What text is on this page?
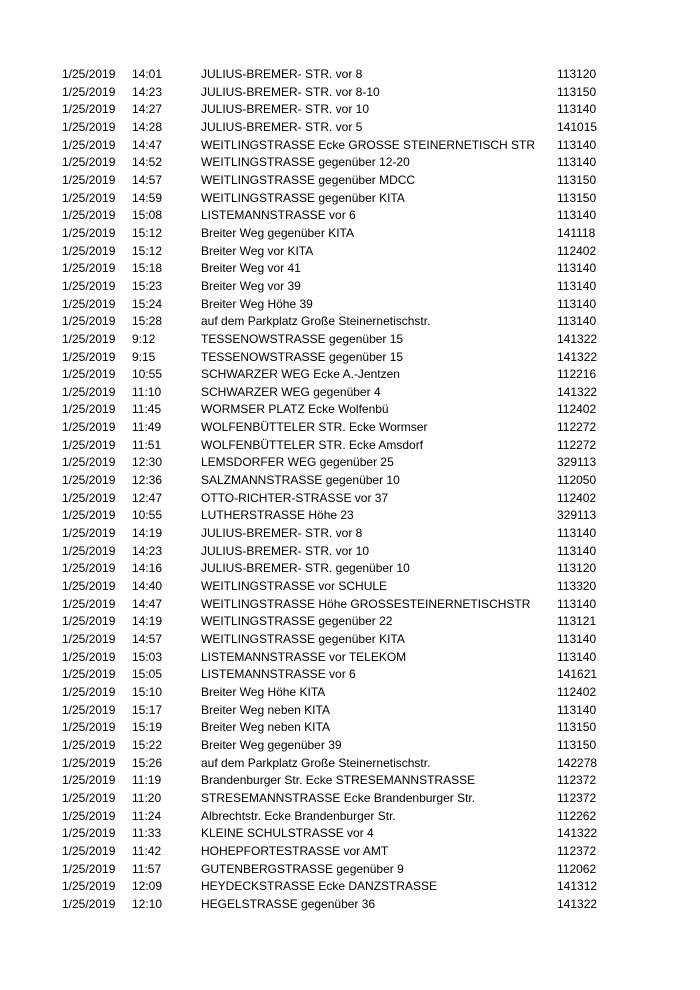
1/25/2019	14:01	JULIUS-BREMER- STR. vor 8	113120
1/25/2019	14:23	JULIUS-BREMER- STR. vor 8-10	113150
1/25/2019	14:27	JULIUS-BREMER- STR. vor 10	113140
1/25/2019	14:28	JULIUS-BREMER- STR. vor 5	141015
1/25/2019	14:47	WEITLINGSTRASSE Ecke GROSSE STEINERNETISCH STR	113140
1/25/2019	14:52	WEITLINGSTRASSE gegenüber 12-20	113140
1/25/2019	14:57	WEITLINGSTRASSE gegenüber MDCC	113150
1/25/2019	14:59	WEITLINGSTRASSE gegenüber KITA	113150
1/25/2019	15:08	LISTEMANNSTRASSE vor 6	113140
1/25/2019	15:12	Breiter Weg gegenüber KITA	141118
1/25/2019	15:12	Breiter Weg vor KITA	112402
1/25/2019	15:18	Breiter Weg vor 41	113140
1/25/2019	15:23	Breiter Weg vor 39	113140
1/25/2019	15:24	Breiter Weg Höhe 39	113140
1/25/2019	15:28	auf dem Parkplatz Große Steinernetischstr.	113140
1/25/2019	9:12	TESSENOWSTRASSE gegenüber 15	141322
1/25/2019	9:15	TESSENOWSTRASSE gegenüber 15	141322
1/25/2019	10:55	SCHWARZER WEG Ecke A.-Jentzen	112216
1/25/2019	11:10	SCHWARZER WEG gegenüber 4	141322
1/25/2019	11:45	WORMSER PLATZ Ecke Wolfenbü	112402
1/25/2019	11:49	WOLFENBÜTTELER STR. Ecke Wormser	112272
1/25/2019	11:51	WOLFENBÜTTELER STR. Ecke Amsdorf	112272
1/25/2019	12:30	LEMSDORFER WEG gegenüber 25	329113
1/25/2019	12:36	SALZMANNSTRASSE gegenüber 10	112050
1/25/2019	12:47	OTTO-RICHTER-STRASSE vor 37	112402
1/25/2019	10:55	LUTHERSTRASSE Höhe 23	329113
1/25/2019	14:19	JULIUS-BREMER- STR. vor 8	113140
1/25/2019	14:23	JULIUS-BREMER- STR. vor 10	113140
1/25/2019	14:16	JULIUS-BREMER- STR. gegenüber 10	113120
1/25/2019	14:40	WEITLINGSTRASSE vor SCHULE	113320
1/25/2019	14:47	WEITLINGSTRASSE Höhe GROSSESTEINERNETISCHSTR	113140
1/25/2019	14:19	WEITLINGSTRASSE gegenüber 22	113121
1/25/2019	14:57	WEITLINGSTRASSE gegenüber KITA	113140
1/25/2019	15:03	LISTEMANNSTRASSE vor TELEKOM	113140
1/25/2019	15:05	LISTEMANNSTRASSE vor 6	141621
1/25/2019	15:10	Breiter Weg Höhe KITA	112402
1/25/2019	15:17	Breiter Weg neben KITA	113140
1/25/2019	15:19	Breiter Weg neben KITA	113150
1/25/2019	15:22	Breiter Weg gegenüber 39	113150
1/25/2019	15:26	auf dem Parkplatz Große Steinernetischstr.	142278
1/25/2019	11:19	Brandenburger Str. Ecke STRESEMANNSTRASSE	112372
1/25/2019	11:20	STRESEMANNSTRASSE Ecke Brandenburger Str.	112372
1/25/2019	11:24	Albrechtstr. Ecke Brandenburger Str.	112262
1/25/2019	11:33	KLEINE SCHULSTRASSE vor 4	141322
1/25/2019	11:42	HOHEPFORTESTRASSE vor AMT	112372
1/25/2019	11:57	GUTENBERGSTRASSE gegenüber 9	112062
1/25/2019	12:09	HEYDECKSTRASSE Ecke DANZSTRASSE	141312
1/25/2019	12:10	HEGELSTRASSE gegenüber 36	141322
